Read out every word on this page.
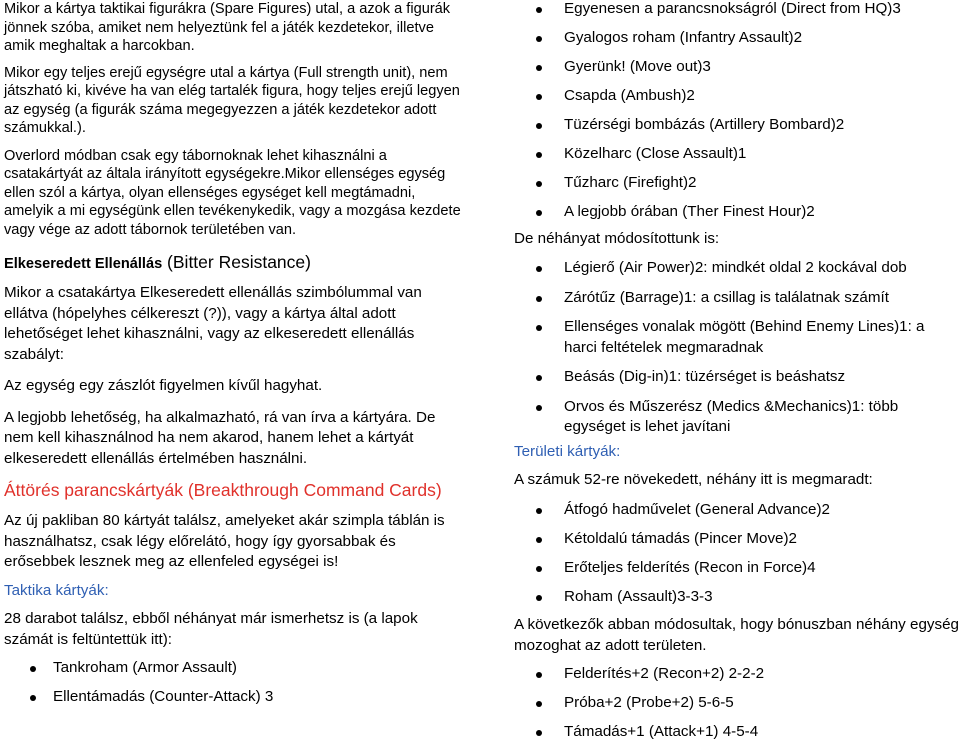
Mikor a kártya taktikai figurákra (Spare Figures) utal, a azok a figurák jönnek szóba, amiket nem helyeztünk fel a játék kezdetekor, illetve amik meghaltak a harcokban.

Mikor egy teljes erejű egységre utal a kártya (Full strength unit), nem játszható ki, kivéve ha van elég tartalék figura, hogy teljes erejű legyen az egység (a figurák száma megegyezzen a játék kezdetekor adott számukkal.).

Overlord módban csak egy tábornoknak lehet kihasználni a csatakártyát az általa irányított egységekre.Mikor ellenséges egység ellen szól a kártya, olyan ellenséges egységet kell megtámadni, amelyik a mi egységünk ellen tevékenykedik, vagy a mozgása kezdete vagy vége az adott tábornok területében van.

Elkeseredett Ellenállás (Bitter Resistance)

Mikor a csatakártya Elkeseredett ellenállás szimbólummal van ellátva (hópelyhes célkereszt (?)), vagy a kártya által adott lehetőséget lehet kihasználni, vagy az elkeseredett ellenállás szabályt:

Az egység egy zászlót figyelmen kívűl hagyhat.

A legjobb lehetőség, ha alkalmazható, rá van írva a kártyára. De nem kell kihasználnod ha nem akarod, hanem lehet a kártyát elkeseredett ellenállás értelmében használni.

Áttörés parancskártyák (Breakthrough Command Cards)

Az új pakliban 80 kártyát találsz, amelyeket akár szimpla táblán is használhatsz, csak légy előrelátó, hogy így gyorsabbak és erősebbek lesznek meg az ellenfeled egységei is!

Taktika kártyák:

28 darabot találsz, ebből néhányat már ismerhetsz is (a lapok számát is feltüntettük itt):

Tankroham (Armor Assault)
Ellentámadás (Counter-Attack) 3
Egyenesen a parancsnokságról (Direct from HQ)3
Gyalogos roham (Infantry Assault)2
Gyerünk! (Move out)3
Csapda (Ambush)2
Tüzérségi bombázás (Artillery Bombard)2
Közelharc (Close Assault)1
Tűzharc (Firefight)2
A legjobb órában (Ther Finest Hour)2

De néhányat módosítottunk is:

Légierő (Air Power)2: mindkét oldal 2 kockával dob
Zárótűz (Barrage)1: a csillag is találatnak számít
Ellenséges vonalak mögött (Behind Enemy Lines)1: a harci feltételek megmaradnak
Beásás (Dig-in)1: tüzérséget is beáshatsz
Orvos és Műszerész (Medics &Mechanics)1: több egységet is lehet javítani

Területi kártyák:

A számuk 52-re növekedett, néhány itt is megmaradt:

Átfogó hadművelet (General Advance)2
Kétoldalú támadás (Pincer Move)2
Erőteljes felderítés (Recon in Force)4
Roham (Assault)3-3-3

A következők abban módosultak, hogy bónuszban néhány egység mozoghat az adott területen.

Felderítés+2 (Recon+2) 2-2-2
Próba+2 (Probe+2) 5-6-5
Támadás+1 (Attack+1) 4-5-4
